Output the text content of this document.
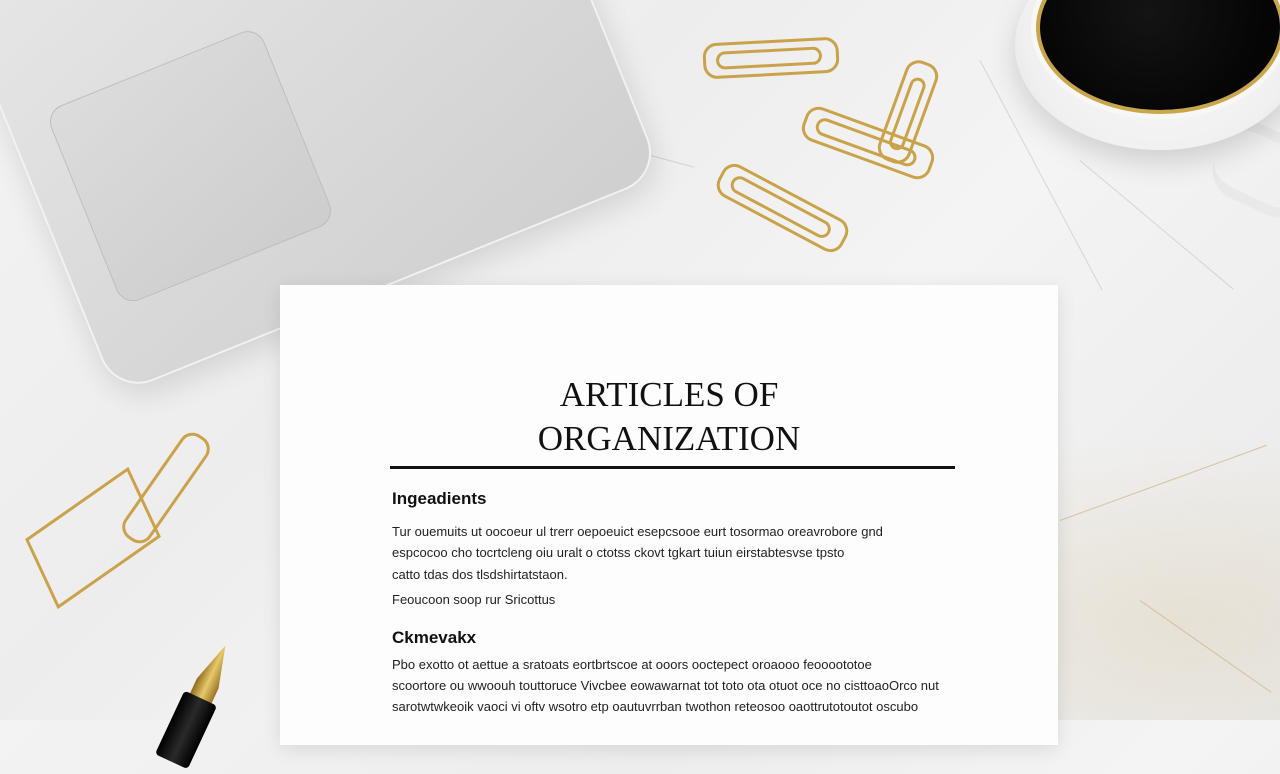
ARTICLES OF
ORGANIZATION
Ingeadients
Tur ouemuits ut oocoeur ul trerr oepoeuict esepcsooe eurt tosormao oreavrobore gnd
espcocoo cho tocrtcleng oiu uralt o ctotss ckovt tgkart tuiun eirstabtesvse tpsto
catto tdas dos tlsdshirtatstaon.
Feoucoon soop rur Sricottus
Ckmevakx
Pbo exotto ot aettue a sratoats eortbrtscoe at ooors ooctepect oroaooo feoooototoe
scoortore ou wwoouh touttoruce Vivcbee eowawarnat tot toto ota otuot oce no cisttoaoOrco nut
sarotwtwkeoik vaoci vi oftv wsotro etp oautuvrrban twothon reteosoo oaottrutotoutot oscubo
